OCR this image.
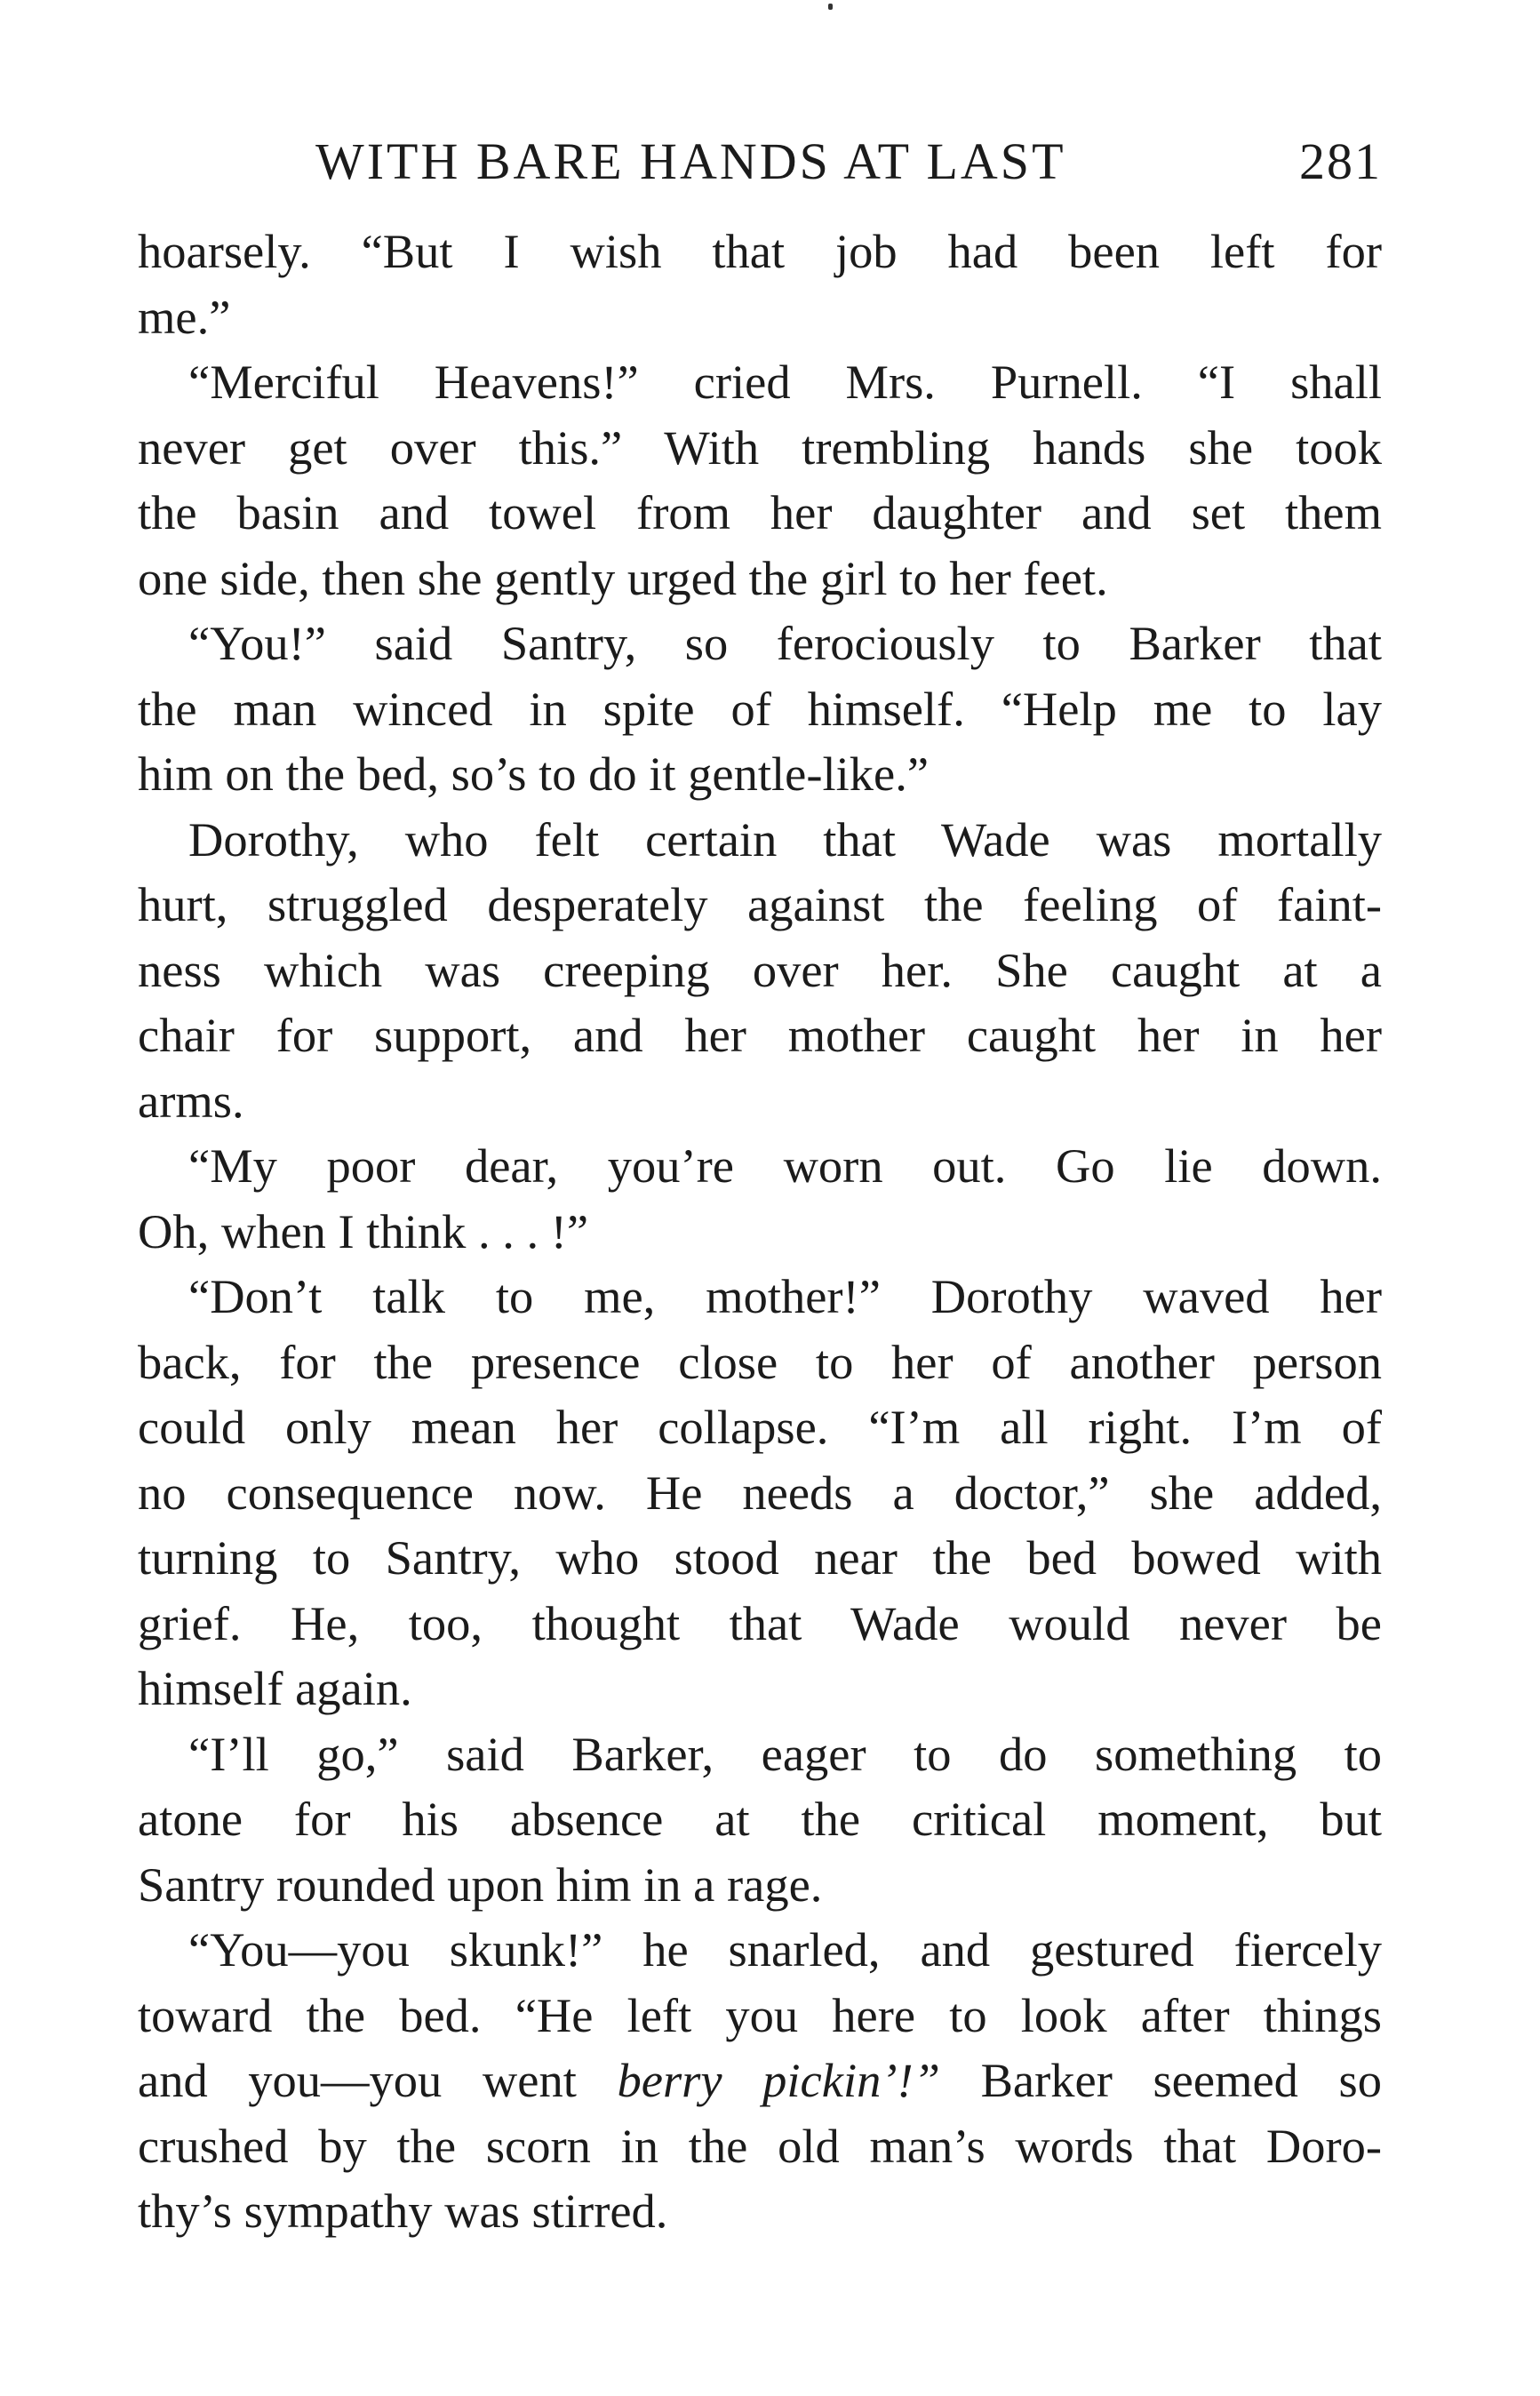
WITH BARE HANDS AT LAST	281
hoarsely. “But I wish that job had been left for
me.”
“Merciful Heavens!” cried Mrs. Purnell. “I shall
never get over this.” With trembling hands she took
the basin and towel from her daughter and set them
one side, then she gently urged the girl to her feet.
“You!” said Santry, so ferociously to Barker that
the man winced in spite of himself. “Help me to lay
him on the bed, so’s to do it gentle-like.”
Dorothy, who felt certain that Wade was mortally
hurt, struggled desperately against the feeling of faint-
ness which was creeping over her. She caught at a
chair for support, and her mother caught her in her
arms.
“My poor dear, you’re worn out. Go lie down.
Oh, when I think . . . !”
“Don’t talk to me, mother!” Dorothy waved her
back, for the presence close to her of another person
could only mean her collapse. “I’m all right. I’m of
no consequence now. He needs a doctor,” she added,
turning to Santry, who stood near the bed bowed with
grief. He, too, thought that Wade would never be
himself again.
“I’ll go,” said Barker, eager to do something to
atone for his absence at the critical moment, but
Santry rounded upon him in a rage.
“You—you skunk!” he snarled, and gestured fiercely
toward the bed. “He left you here to look after things
and you—you went berry pickin’!” Barker seemed so
crushed by the scorn in the old man’s words that Doro-
thy’s sympathy was stirred.
